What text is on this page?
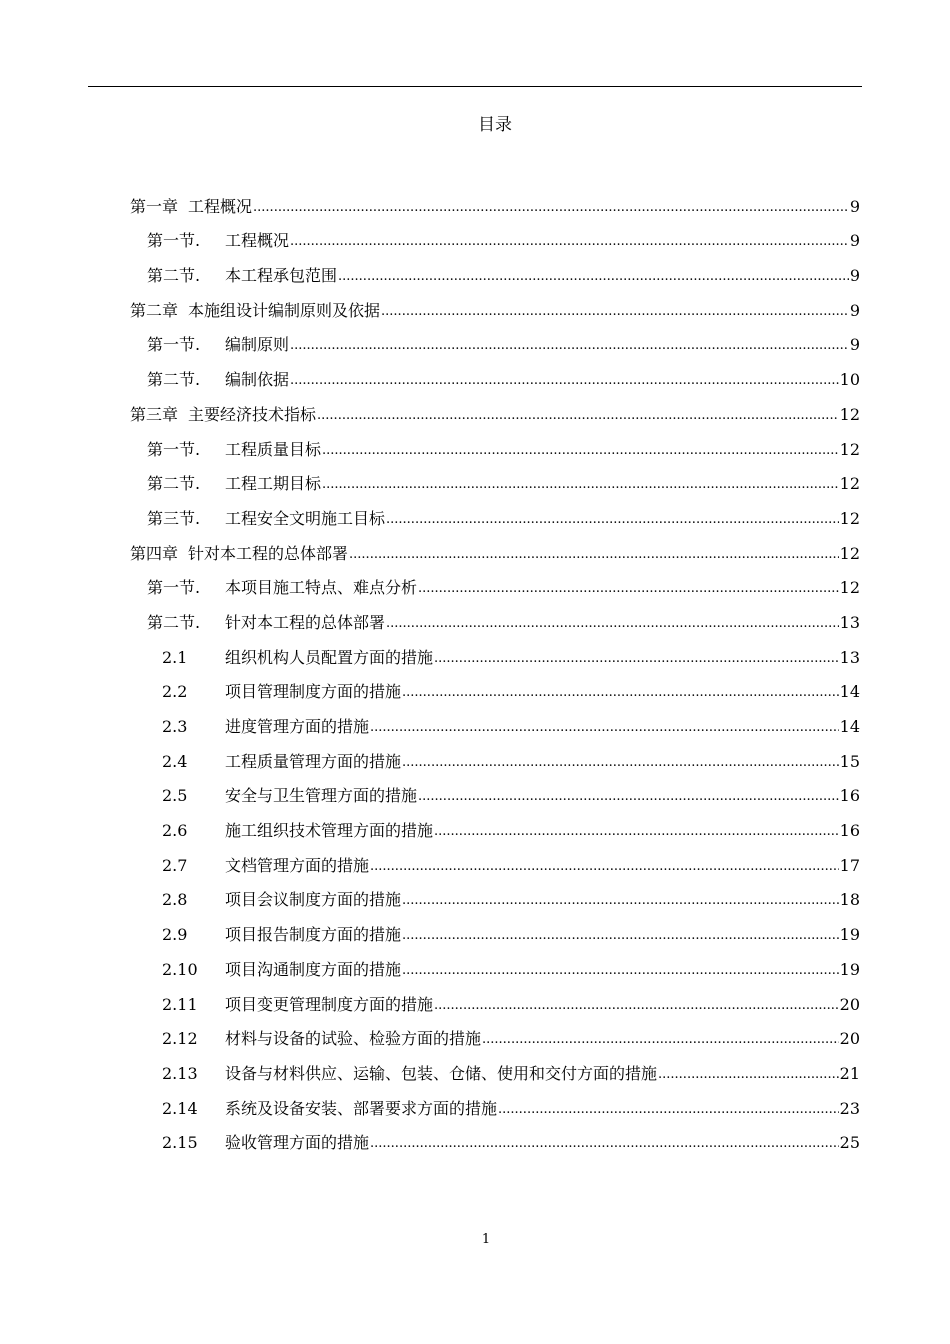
目录
第一章 工程概况 .....	9
第一节. 工程概况 .....	9
第二节. 本工程承包范围 .....	9
第二章 本施组设计编制原则及依据 .....	9
第一节. 编制原则 .....	9
第二节. 编制依据 .....	10
第三章 主要经济技术指标 .....	12
第一节. 工程质量目标 .....	12
第二节. 工程工期目标 .....	12
第三节. 工程安全文明施工目标 .....	12
第四章 针对本工程的总体部署 .....	12
第一节. 本项目施工特点、难点分析 .....	12
第二节. 针对本工程的总体部署 .....	13
2.1 组织机构人员配置方面的措施 .....	13
2.2 项目管理制度方面的措施 .....	14
2.3 进度管理方面的措施 .....	14
2.4 工程质量管理方面的措施 .....	15
2.5 安全与卫生管理方面的措施 .....	16
2.6 施工组织技术管理方面的措施 .....	16
2.7 文档管理方面的措施 .....	17
2.8 项目会议制度方面的措施 .....	18
2.9 项目报告制度方面的措施 .....	19
2.10 项目沟通制度方面的措施 .....	19
2.11 项目变更管理制度方面的措施 .....	20
2.12 材料与设备的试验、检验方面的措施 .....	20
2.13 设备与材料供应、运输、包装、仓储、使用和交付方面的措施 .....	21
2.14 系统及设备安装、部署要求方面的措施 .....	23
2.15 验收管理方面的措施 .....	25
1
